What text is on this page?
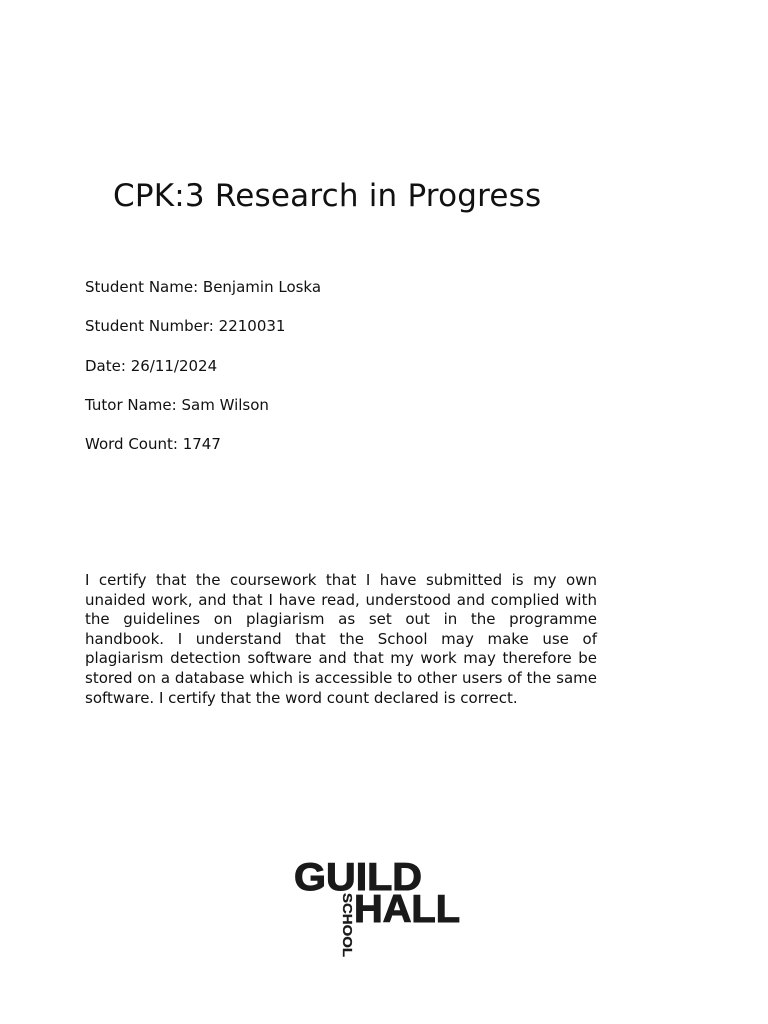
CPK:3 Research in Progress
Student Name: Benjamin Loska
Student Number: 2210031
Date: 26/11/2024
Tutor Name: Sam Wilson
Word Count: 1747

I certify that the coursework that I have submitted is my own unaided work, and that I have read, understood and complied with the guidelines on plagiarism as set out in the programme handbook. I understand that the School may make use of plagiarism detection software and that my work may therefore be stored on a database which is accessible to other users of the same software. I certify that the word count declared is correct.

GUILD
SCHOOL HALL
